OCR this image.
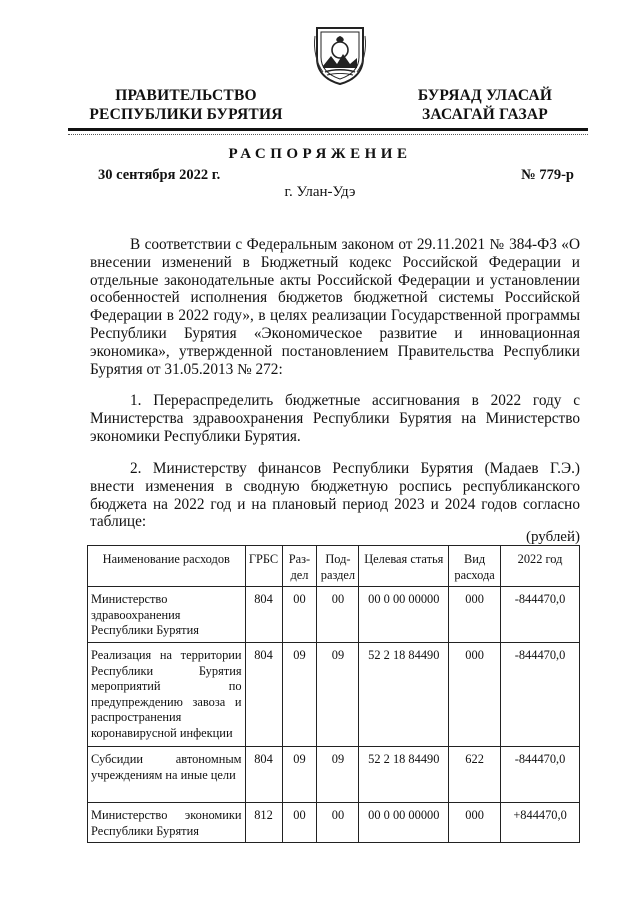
ПРАВИТЕЛЬСТВО
РЕСПУБЛИКИ БУРЯТИЯ
БУРЯАД УЛАСАЙ
ЗАСАГАЙ ГАЗАР
РАСПОРЯЖЕНИЕ
30 сентября 2022 г.	№ 779-р
г. Улан-Удэ
В соответствии с Федеральным законом от 29.11.2021 № 384-ФЗ «О внесении изменений в Бюджетный кодекс Российской Федерации и отдельные законодательные акты Российской Федерации и установлении особенностей исполнения бюджетов бюджетной системы Российской Федерации в 2022 году», в целях реализации Государственной программы Республики Бурятия «Экономическое развитие и инновационная экономика», утвержденной постановлением Правительства Республики Бурятия от 31.05.2013 № 272:
1. Перераспределить бюджетные ассигнования в 2022 году с Министерства здравоохранения Республики Бурятия на Министерство экономики Республики Бурятия.
2. Министерству финансов Республики Бурятия (Мадаев Г.Э.) внести изменения в сводную бюджетную роспись республиканского бюджета на 2022 год и на плановый период 2023 и 2024 годов согласно таблице:
(рублей)
Наименование расходов	ГРБС	Раз-дел	Под-раздел	Целевая статья	Вид расхода	2022 год
Министерство здравоохранения Республики Бурятия	804	00	00	00 0 00 00000	000	-844470,0
Реализация на территории Республики Бурятия мероприятий по предупреждению завоза и распространения коронавирусной инфекции	804	09	09	52 2 18 84490	000	-844470,0
Субсидии автономным учреждениям на иные цели	804	09	09	52 2 18 84490	622	-844470,0
Министерство экономики Республики Бурятия	812	00	00	00 0 00 00000	000	+844470,0
